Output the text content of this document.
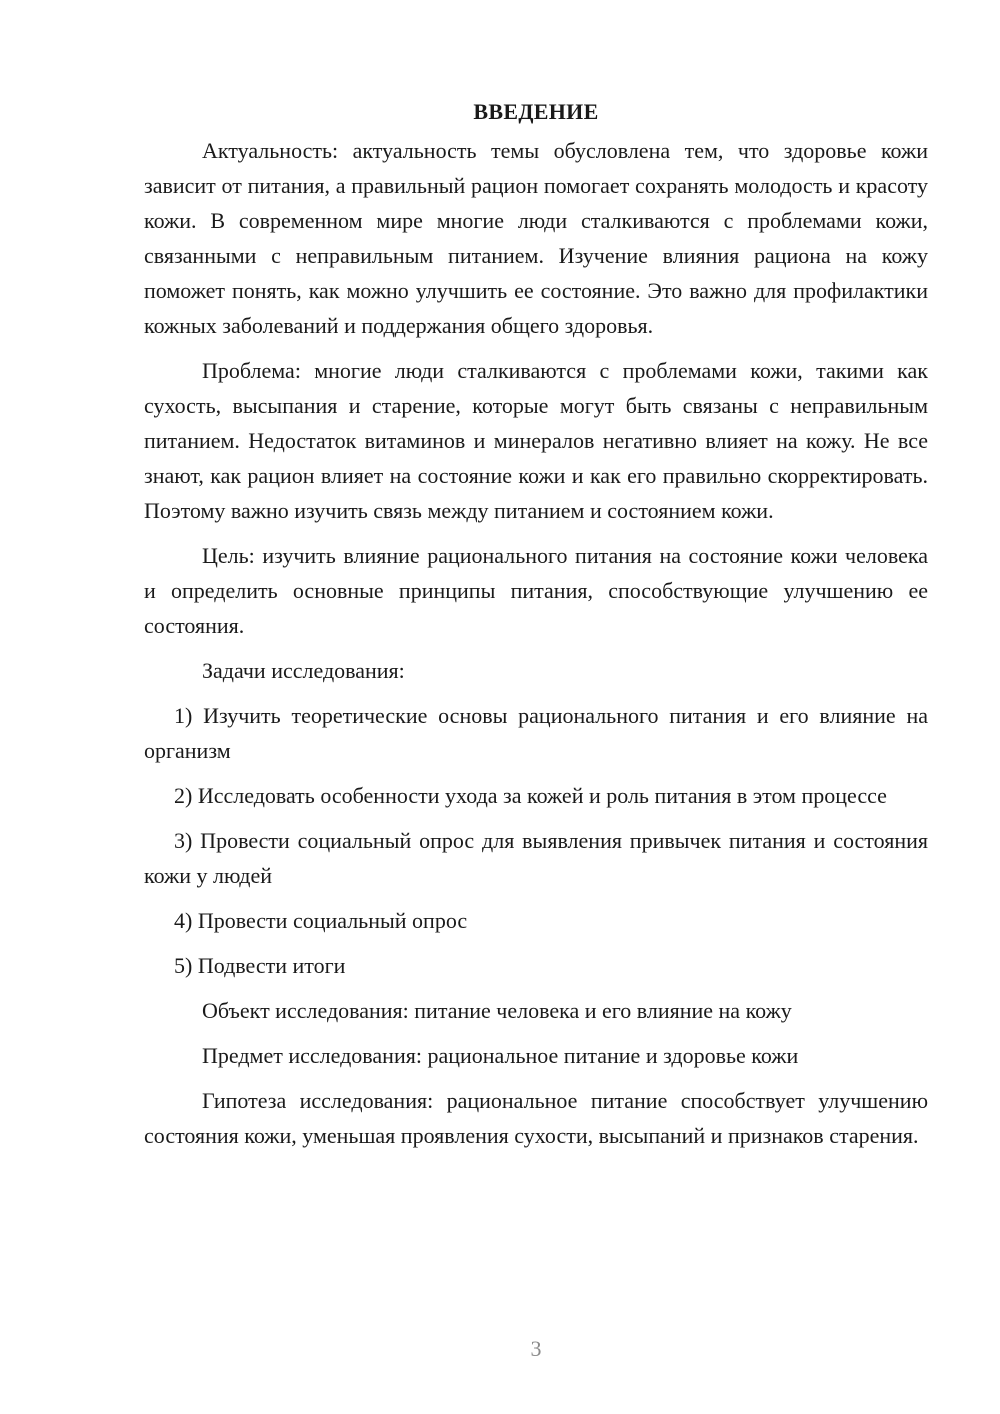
ВВЕДЕНИЕ

Актуальность: актуальность темы обусловлена тем, что здоровье кожи зависит от питания, а правильный рацион помогает сохранять молодость и красоту кожи. В современном мире многие люди сталкиваются с проблемами кожи, связанными с неправильным питанием. Изучение влияния рациона на кожу поможет понять, как можно улучшить ее состояние. Это важно для профилактики кожных заболеваний и поддержания общего здоровья.

Проблема: многие люди сталкиваются с проблемами кожи, такими как сухость, высыпания и старение, которые могут быть связаны с неправильным питанием. Недостаток витаминов и минералов негативно влияет на кожу. Не все знают, как рацион влияет на состояние кожи и как его правильно скорректировать. Поэтому важно изучить связь между питанием и состоянием кожи.

Цель: изучить влияние рационального питания на состояние кожи человека и определить основные принципы питания, способствующие улучшению ее состояния.

Задачи исследования:

1) Изучить теоретические основы рационального питания и его влияние на организм

2) Исследовать особенности ухода за кожей и роль питания в этом процессе

3) Провести социальный опрос для выявления привычек питания и состояния кожи у людей

4) Провести социальный опрос

5) Подвести итоги

Объект исследования: питание человека и его влияние на кожу

Предмет исследования: рациональное питание и здоровье кожи

Гипотеза исследования: рациональное питание способствует улучшению состояния кожи, уменьшая проявления сухости, высыпаний и признаков старения.

3
